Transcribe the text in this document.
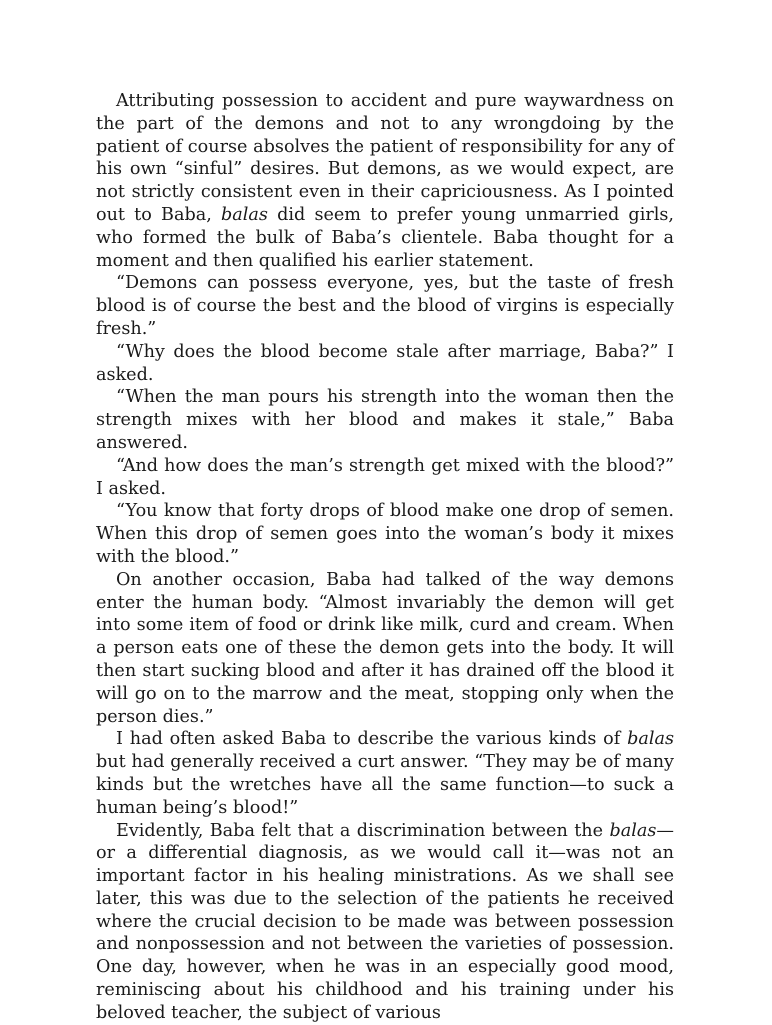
Attributing possession to accident and pure waywardness on the part of the demons and not to any wrongdoing by the patient of course absolves the patient of responsibility for any of his own “sinful” desires. But demons, as we would expect, are not strictly consistent even in their capriciousness. As I pointed out to Baba, balas did seem to prefer young unmarried girls, who formed the bulk of Baba’s clientele. Baba thought for a moment and then qualified his earlier statement.

“Demons can possess everyone, yes, but the taste of fresh blood is of course the best and the blood of virgins is especially fresh.”

“Why does the blood become stale after marriage, Baba?” I asked.

“When the man pours his strength into the woman then the strength mixes with her blood and makes it stale,” Baba answered.

“And how does the man’s strength get mixed with the blood?” I asked.

“You know that forty drops of blood make one drop of semen. When this drop of semen goes into the woman’s body it mixes with the blood.”

On another occasion, Baba had talked of the way demons enter the human body. “Almost invariably the demon will get into some item of food or drink like milk, curd and cream. When a person eats one of these the demon gets into the body. It will then start sucking blood and after it has drained off the blood it will go on to the marrow and the meat, stopping only when the person dies.”

I had often asked Baba to describe the various kinds of balas but had generally received a curt answer. “They may be of many kinds but the wretches have all the same function—to suck a human being’s blood!”

Evidently, Baba felt that a discrimination between the balas—or a differential diagnosis, as we would call it—was not an important factor in his healing ministrations. As we shall see later, this was due to the selection of the patients he received where the crucial decision to be made was between possession and nonpossession and not between the varieties of possession. One day, however, when he was in an especially good mood, reminiscing about his childhood and his training under his beloved teacher, the subject of various
